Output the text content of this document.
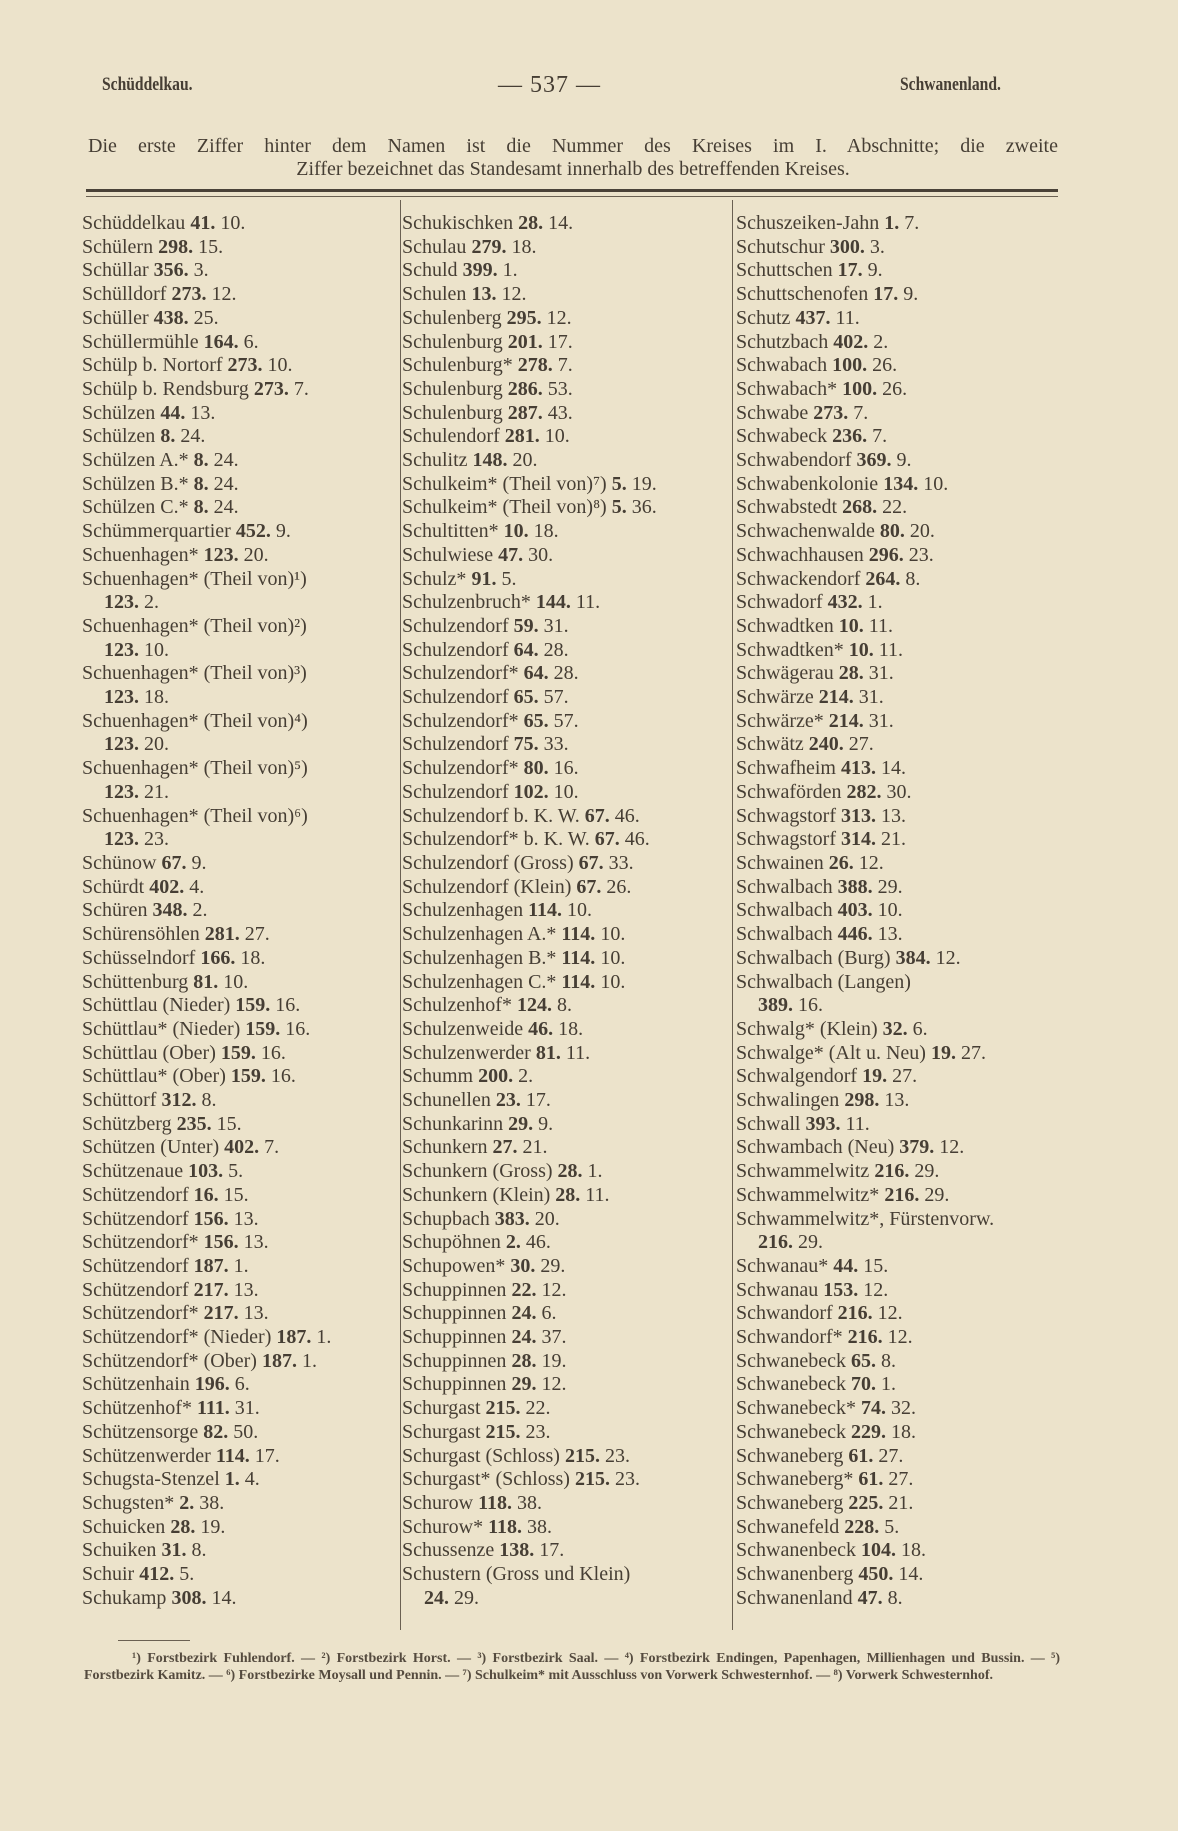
Schüddelkau.	— 537 —	Schwanenland.
Die erste Ziffer hinter dem Namen ist die Nummer des Kreises im I. Abschnitte; die zweite
Ziffer bezeichnet das Standesamt innerhalb des betreffenden Kreises.
Schüddelkau 41. 10.
Schülern 298. 15.
Schüllar 356. 3.
Schülldorf 273. 12.
Schüller 438. 25.
Schüllermühle 164. 6.
Schülp b. Nortorf 273. 10.
Schülp b. Rendsburg 273. 7.
Schülzen 44. 13.
Schülzen 8. 24.
Schülzen A.* 8. 24.
Schülzen B.* 8. 24.
Schülzen C.* 8. 24.
Schümmerquartier 452. 9.
Schuenhagen* 123. 20.
Schuenhagen* (Theil von)¹)
123. 2.
Schuenhagen* (Theil von)²)
123. 10.
Schuenhagen* (Theil von)³)
123. 18.
Schuenhagen* (Theil von)⁴)
123. 20.
Schuenhagen* (Theil von)⁵)
123. 21.
Schuenhagen* (Theil von)⁶)
123. 23.
Schünow 67. 9.
Schürdt 402. 4.
Schüren 348. 2.
Schürensöhlen 281. 27.
Schüsselndorf 166. 18.
Schüttenburg 81. 10.
Schüttlau (Nieder) 159. 16.
Schüttlau* (Nieder) 159. 16.
Schüttlau (Ober) 159. 16.
Schüttlau* (Ober) 159. 16.
Schüttorf 312. 8.
Schützberg 235. 15.
Schützen (Unter) 402. 7.
Schützenaue 103. 5.
Schützendorf 16. 15.
Schützendorf 156. 13.
Schützendorf* 156. 13.
Schützendorf 187. 1.
Schützendorf 217. 13.
Schützendorf* 217. 13.
Schützendorf* (Nieder) 187. 1.
Schützendorf* (Ober) 187. 1.
Schützenhain 196. 6.
Schützenhof* 111. 31.
Schützensorge 82. 50.
Schützenwerder 114. 17.
Schugsta-Stenzel 1. 4.
Schugsten* 2. 38.
Schuicken 28. 19.
Schuiken 31. 8.
Schuir 412. 5.
Schukamp 308. 14.
Schukischken 28. 14.
Schulau 279. 18.
Schuld 399. 1.
Schulen 13. 12.
Schulenberg 295. 12.
Schulenburg 201. 17.
Schulenburg* 278. 7.
Schulenburg 286. 53.
Schulenburg 287. 43.
Schulendorf 281. 10.
Schulitz 148. 20.
Schulkeim* (Theil von)⁷) 5. 19.
Schulkeim* (Theil von)⁸) 5. 36.
Schultitten* 10. 18.
Schulwiese 47. 30.
Schulz* 91. 5.
Schulzenbruch* 144. 11.
Schulzendorf 59. 31.
Schulzendorf 64. 28.
Schulzendorf* 64. 28.
Schulzendorf 65. 57.
Schulzendorf* 65. 57.
Schulzendorf 75. 33.
Schulzendorf* 80. 16.
Schulzendorf 102. 10.
Schulzendorf b. K. W. 67. 46.
Schulzendorf* b. K. W. 67. 46.
Schulzendorf (Gross) 67. 33.
Schulzendorf (Klein) 67. 26.
Schulzenhagen 114. 10.
Schulzenhagen A.* 114. 10.
Schulzenhagen B.* 114. 10.
Schulzenhagen C.* 114. 10.
Schulzenhof* 124. 8.
Schulzenweide 46. 18.
Schulzenwerder 81. 11.
Schumm 200. 2.
Schunellen 23. 17.
Schunkarinn 29. 9.
Schunkern 27. 21.
Schunkern (Gross) 28. 1.
Schunkern (Klein) 28. 11.
Schupbach 383. 20.
Schupöhnen 2. 46.
Schupowen* 30. 29.
Schuppinnen 22. 12.
Schuppinnen 24. 6.
Schuppinnen 24. 37.
Schuppinnen 28. 19.
Schuppinnen 29. 12.
Schurgast 215. 22.
Schurgast 215. 23.
Schurgast (Schloss) 215. 23.
Schurgast* (Schloss) 215. 23.
Schurow 118. 38.
Schurow* 118. 38.
Schussenze 138. 17.
Schustern (Gross und Klein)
24. 29.
Schuszeiken-Jahn 1. 7.
Schutschur 300. 3.
Schuttschen 17. 9.
Schuttschenofen 17. 9.
Schutz 437. 11.
Schutzbach 402. 2.
Schwabach 100. 26.
Schwabach* 100. 26.
Schwabe 273. 7.
Schwabeck 236. 7.
Schwabendorf 369. 9.
Schwabenkolonie 134. 10.
Schwabstedt 268. 22.
Schwachenwalde 80. 20.
Schwachhausen 296. 23.
Schwackendorf 264. 8.
Schwadorf 432. 1.
Schwadtken 10. 11.
Schwadtken* 10. 11.
Schwägerau 28. 31.
Schwärze 214. 31.
Schwärze* 214. 31.
Schwätz 240. 27.
Schwafheim 413. 14.
Schwaförden 282. 30.
Schwagstorf 313. 13.
Schwagstorf 314. 21.
Schwainen 26. 12.
Schwalbach 388. 29.
Schwalbach 403. 10.
Schwalbach 446. 13.
Schwalbach (Burg) 384. 12.
Schwalbach (Langen)
389. 16.
Schwalg* (Klein) 32. 6.
Schwalge* (Alt u. Neu) 19. 27.
Schwalgendorf 19. 27.
Schwalingen 298. 13.
Schwall 393. 11.
Schwambach (Neu) 379. 12.
Schwammelwitz 216. 29.
Schwammelwitz* 216. 29.
Schwammelwitz*, Fürstenvorw.
216. 29.
Schwanau* 44. 15.
Schwanau 153. 12.
Schwandorf 216. 12.
Schwandorf* 216. 12.
Schwanebeck 65. 8.
Schwanebeck 70. 1.
Schwanebeck* 74. 32.
Schwanebeck 229. 18.
Schwaneberg 61. 27.
Schwaneberg* 61. 27.
Schwaneberg 225. 21.
Schwanefeld 228. 5.
Schwanenbeck 104. 18.
Schwanenberg 450. 14.
Schwanenland 47. 8.
¹) Forstbezirk Fuhlendorf. — ²) Forstbezirk Horst. — ³) Forstbezirk Saal. — ⁴) Forstbezirk Endingen, Papenhagen, Millienhagen und Bussin. — ⁵) Forstbezirk Kamitz. — ⁶) Forstbezirke Moysall und Pennin. — ⁷) Schulkeim* mit Ausschluss von Vorwerk Schwesternhof. — ⁸) Vorwerk Schwesternhof.
